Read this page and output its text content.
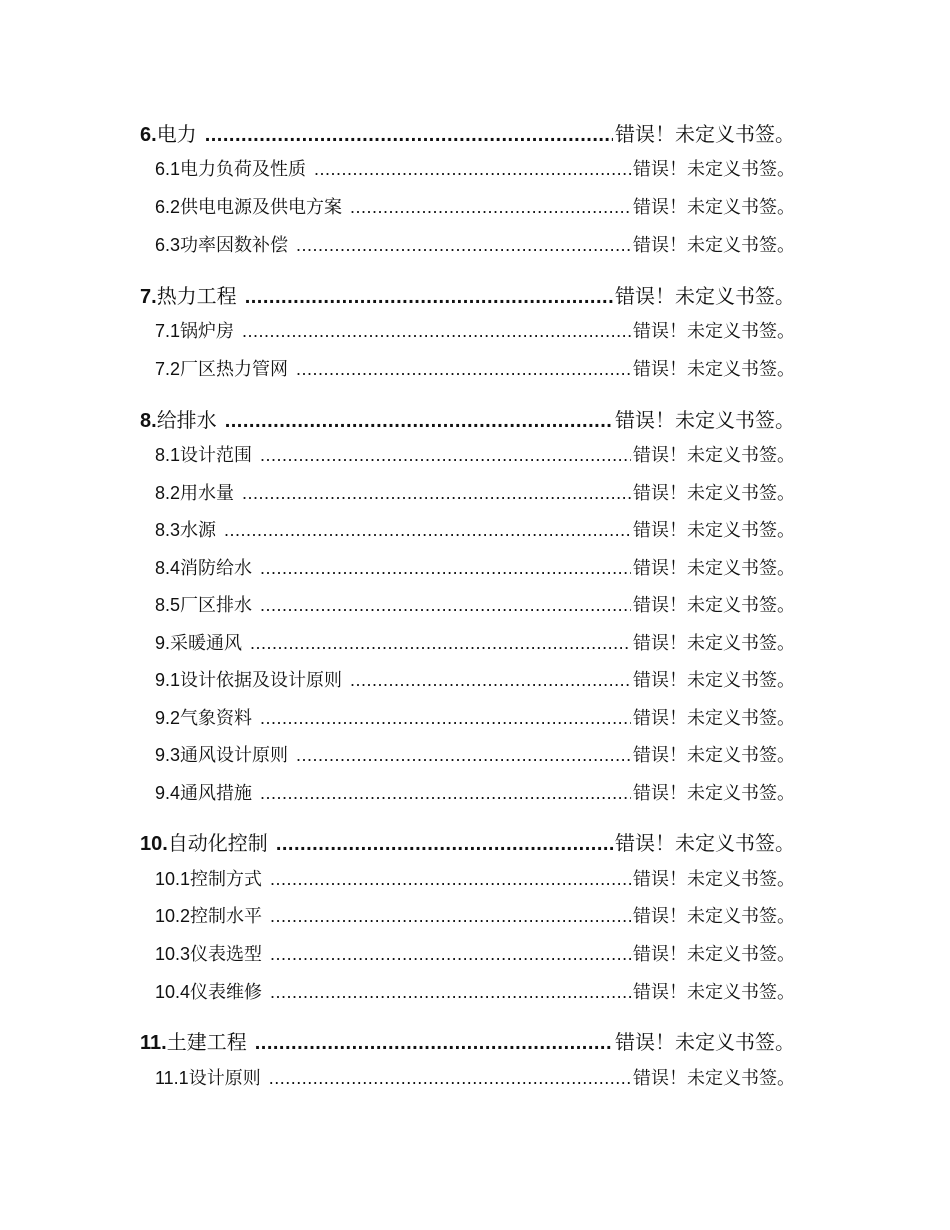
6. 电力 .....	错误！未定义书签。
6.1 电力负荷及性质 .....	错误！未定义书签。
6.2 供电电源及供电方案 .....	错误！未定义书签。
6.3 功率因数补偿 .....	错误！未定义书签。
7. 热力工程 .....	错误！未定义书签。
7.1 锅炉房 .....	错误！未定义书签。
7.2 厂区热力管网 .....	错误！未定义书签。
8. 给排水 .....	错误！未定义书签。
8.1 设计范围 .....	错误！未定义书签。
8.2 用水量 .....	错误！未定义书签。
8.3 水源 .....	错误！未定义书签。
8.4 消防给水 .....	错误！未定义书签。
8.5 厂区排水 .....	错误！未定义书签。
9. 采暖通风 .....	错误！未定义书签。
9.1 设计依据及设计原则 .....	错误！未定义书签。
9.2 气象资料 .....	错误！未定义书签。
9.3 通风设计原则 .....	错误！未定义书签。
9.4 通风措施 .....	错误！未定义书签。
10. 自动化控制 .....	错误！未定义书签。
10.1 控制方式 .....	错误！未定义书签。
10.2 控制水平 .....	错误！未定义书签。
10.3 仪表选型 .....	错误！未定义书签。
10.4 仪表维修 .....	错误！未定义书签。
11. 土建工程 .....	错误！未定义书签。
11.1 设计原则 .....	错误！未定义书签。
